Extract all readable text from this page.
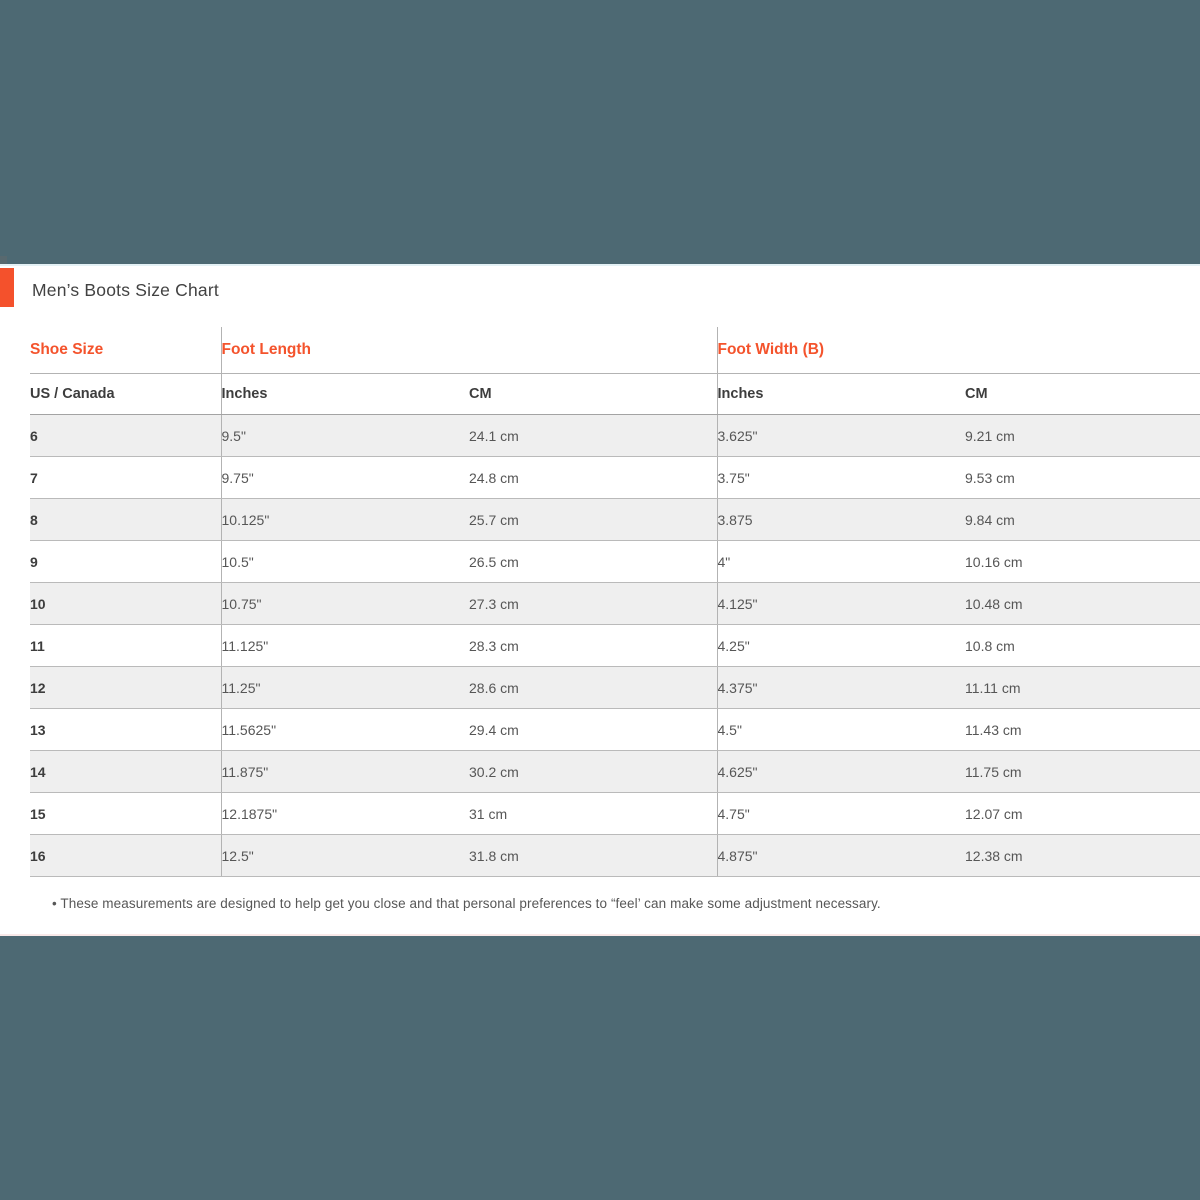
Men’s Boots Size Chart
Shoe Size	Foot Length		Foot Width (B)	
US / Canada	Inches	CM	Inches	CM
6	9.5"	24.1 cm	3.625"	9.21 cm
7	9.75"	24.8 cm	3.75"	9.53 cm
8	10.125"	25.7 cm	3.875	9.84 cm
9	10.5"	26.5 cm	4"	10.16 cm
10	10.75"	27.3 cm	4.125"	10.48 cm
11	11.125"	28.3 cm	4.25"	10.8 cm
12	11.25"	28.6 cm	4.375"	11.11 cm
13	11.5625"	29.4 cm	4.5"	11.43 cm
14	11.875"	30.2 cm	4.625"	11.75 cm
15	12.1875"	31 cm	4.75"	12.07 cm
16	12.5"	31.8 cm	4.875"	12.38 cm
• These measurements are designed to help get you close and that personal preferences to “feel’ can make some adjustment necessary.
